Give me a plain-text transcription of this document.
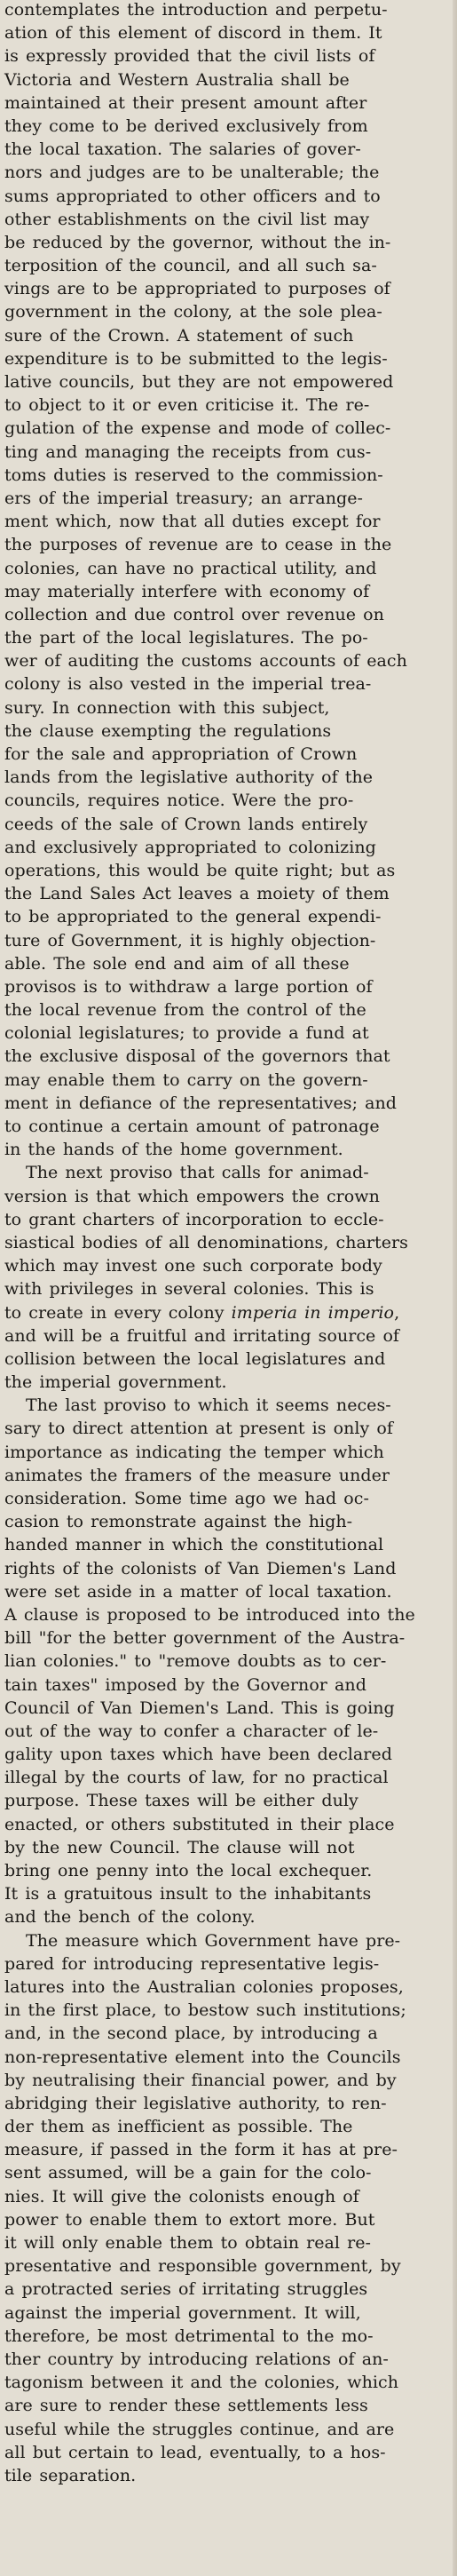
contemplates the introduction and perpetu-
ation of this element of discord in them. It
is expressly provided that the civil lists of
Victoria and Western Australia shall be
maintained at their present amount after
they come to be derived exclusively from
the local taxation. The salaries of gover-
nors and judges are to be unalterable; the
sums appropriated to other officers and to
other establishments on the civil list may
be reduced by the governor, without the in-
terposition of the council, and all such sa-
vings are to be appropriated to purposes of
government in the colony, at the sole plea-
sure of the Crown. A statement of such
expenditure is to be submitted to the legis-
lative councils, but they are not empowered
to object to it or even criticise it. The re-
gulation of the expense and mode of collec-
ting and managing the receipts from cus-
toms duties is reserved to the commission-
ers of the imperial treasury; an arrange-
ment which, now that all duties except for
the purposes of revenue are to cease in the
colonies, can have no practical utility, and
may materially interfere with economy of
collection and due control over revenue on
the part of the local legislatures. The po-
wer of auditing the customs accounts of each
colony is also vested in the imperial trea-
sury. In connection with this subject,
the clause exempting the regulations
for the sale and appropriation of Crown
lands from the legislative authority of the
councils, requires notice. Were the pro-
ceeds of the sale of Crown lands entirely
and exclusively appropriated to colonizing
operations, this would be quite right; but as
the Land Sales Act leaves a moiety of them
to be appropriated to the general expendi-
ture of Government, it is highly objection-
able. The sole end and aim of all these
provisos is to withdraw a large portion of
the local revenue from the control of the
colonial legislatures; to provide a fund at
the exclusive disposal of the governors that
may enable them to carry on the govern-
ment in defiance of the representatives; and
to continue a certain amount of patronage
in the hands of the home government.
The next proviso that calls for animad-
version is that which empowers the crown
to grant charters of incorporation to eccle-
siastical bodies of all denominations, charters
which may invest one such corporate body
with privileges in several colonies. This is
to create in every colony imperia in imperio,
and will be a fruitful and irritating source of
collision between the local legislatures and
the imperial government.
The last proviso to which it seems neces-
sary to direct attention at present is only of
importance as indicating the temper which
animates the framers of the measure under
consideration. Some time ago we had oc-
casion to remonstrate against the high-
handed manner in which the constitutional
rights of the colonists of Van Diemen's Land
were set aside in a matter of local taxation.
A clause is proposed to be introduced into the
bill "for the better government of the Austra-
lian colonies." to "remove doubts as to cer-
tain taxes" imposed by the Governor and
Council of Van Diemen's Land. This is going
out of the way to confer a character of le-
gality upon taxes which have been declared
illegal by the courts of law, for no practical
purpose. These taxes will be either duly
enacted, or others substituted in their place
by the new Council. The clause will not
bring one penny into the local exchequer.
It is a gratuitous insult to the inhabitants
and the bench of the colony.
The measure which Government have pre-
pared for introducing representative legis-
latures into the Australian colonies proposes,
in the first place, to bestow such institutions;
and, in the second place, by introducing a
non-representative element into the Councils
by neutralising their financial power, and by
abridging their legislative authority, to ren-
der them as inefficient as possible. The
measure, if passed in the form it has at pre-
sent assumed, will be a gain for the colo-
nies. It will give the colonists enough of
power to enable them to extort more. But
it will only enable them to obtain real re-
presentative and responsible government, by
a protracted series of irritating struggles
against the imperial government. It will,
therefore, be most detrimental to the mo-
ther country by introducing relations of an-
tagonism between it and the colonies, which
are sure to render these settlements less
useful while the struggles continue, and are
all but certain to lead, eventually, to a hos-
tile separation.
